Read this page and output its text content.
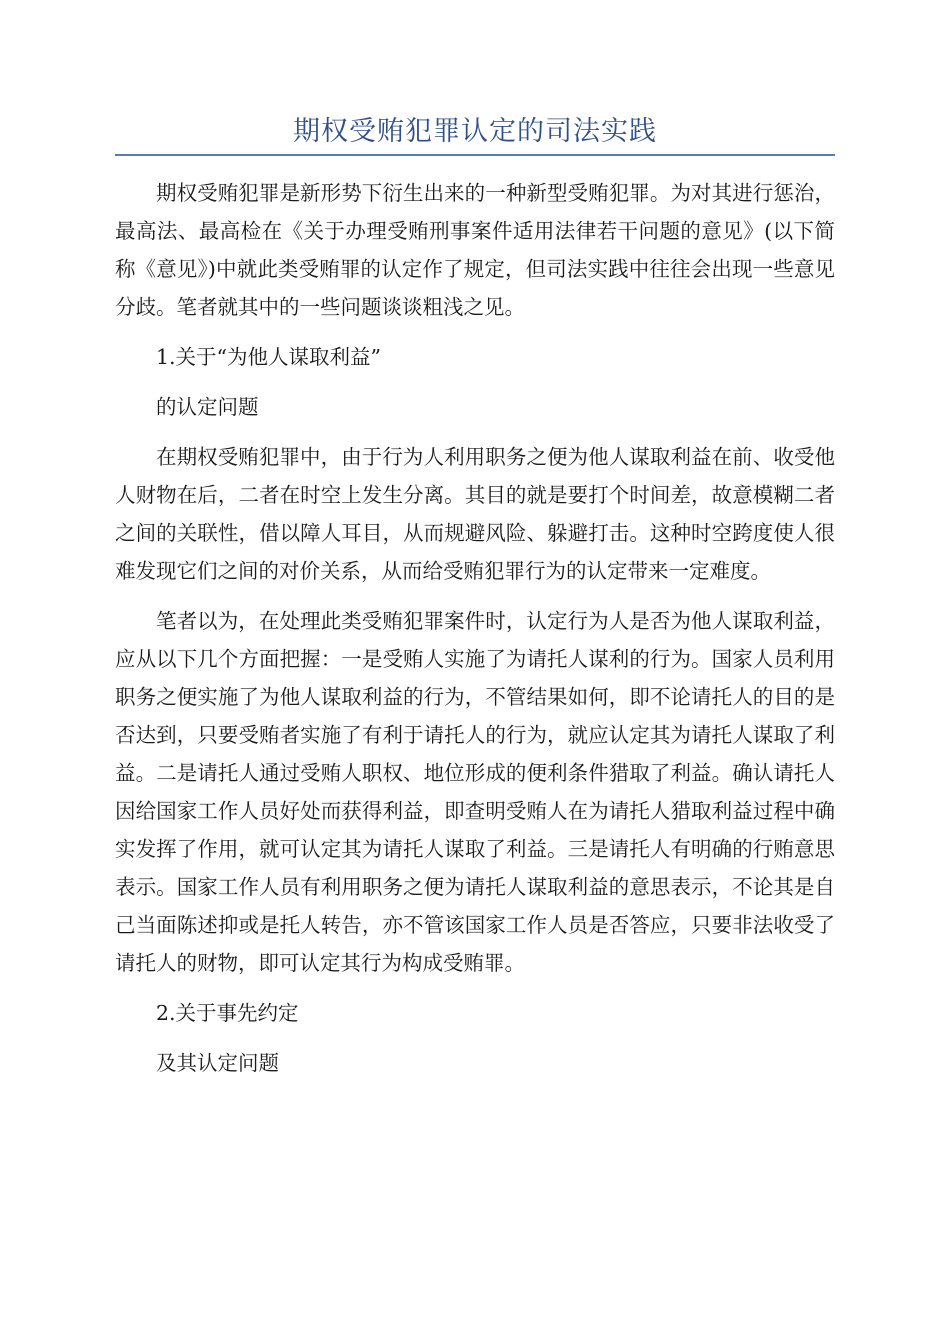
期权受贿犯罪认定的司法实践

期权受贿犯罪是新形势下衍生出来的一种新型受贿犯罪。为对其进行惩治，最高法、最高检在《关于办理受贿刑事案件适用法律若干问题的意见》(以下简称《意见》)中就此类受贿罪的认定作了规定，但司法实践中往往会出现一些意见分歧。笔者就其中的一些问题谈谈粗浅之见。

1.关于“为他人谋取利益”

的认定问题

在期权受贿犯罪中，由于行为人利用职务之便为他人谋取利益在前、收受他人财物在后，二者在时空上发生分离。其目的就是要打个时间差，故意模糊二者之间的关联性，借以障人耳目，从而规避风险、躲避打击。这种时空跨度使人很难发现它们之间的对价关系，从而给受贿犯罪行为的认定带来一定难度。

笔者以为，在处理此类受贿犯罪案件时，认定行为人是否为他人谋取利益，应从以下几个方面把握：一是受贿人实施了为请托人谋利的行为。国家人员利用职务之便实施了为他人谋取利益的行为，不管结果如何，即不论请托人的目的是否达到，只要受贿者实施了有利于请托人的行为，就应认定其为请托人谋取了利益。二是请托人通过受贿人职权、地位形成的便利条件猎取了利益。确认请托人因给国家工作人员好处而获得利益，即查明受贿人在为请托人猎取利益过程中确实发挥了作用，就可认定其为请托人谋取了利益。三是请托人有明确的行贿意思表示。国家工作人员有利用职务之便为请托人谋取利益的意思表示，不论其是自己当面陈述抑或是托人转告，亦不管该国家工作人员是否答应，只要非法收受了请托人的财物，即可认定其行为构成受贿罪。

2.关于事先约定

及其认定问题
